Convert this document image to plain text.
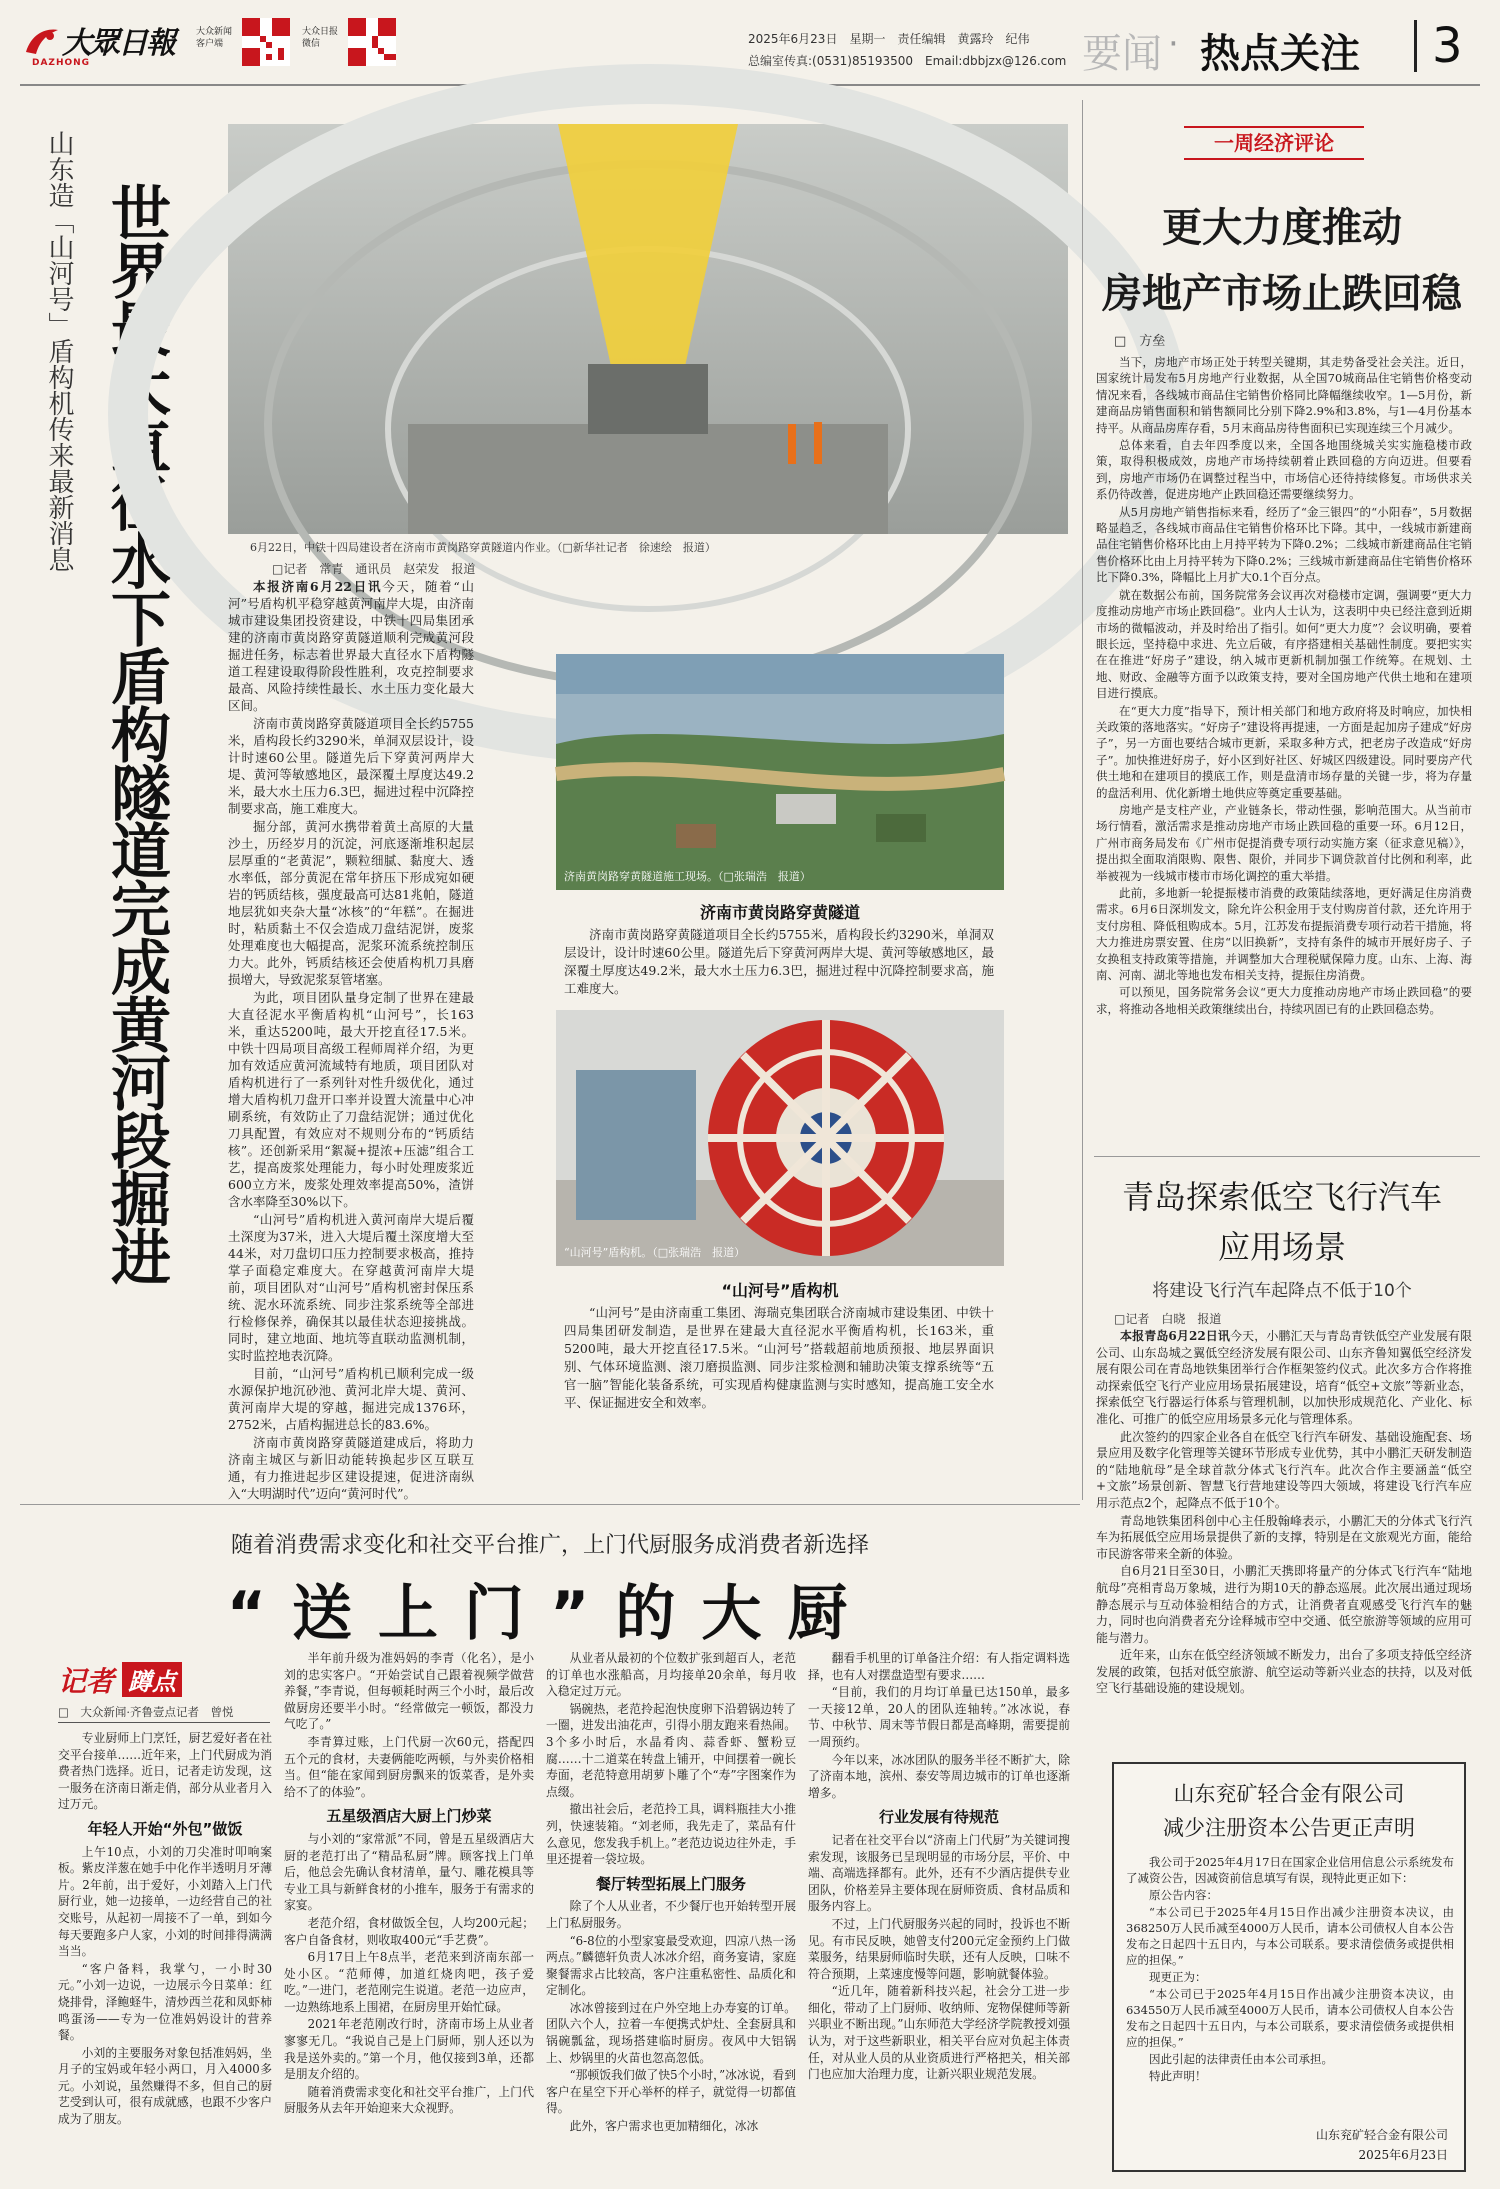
大眾日報
DAZHONG
大众新闻客户端
大众日报微信	2025年6月23日　星期一　责任编辑　黄露玲　纪伟
总编室传真:(0531)85193500　Email:dbbjzx@126.com 要闻 · 热点关注 3
山东造「山河号」盾构机传来最新消息 世界最大直径水下盾构隧道完成黄河段掘进	6月22日，中铁十四局建设者在济南市黄岗路穿黄隧道内作业。（□新华社记者　徐速绘　报道）
□记者　常青　通讯员　赵荣发　报道

本报济南6月22日讯今天，随着“山河”号盾构机平稳穿越黄河南岸大堤，由济南城市建设集团投资建设，中铁十四局集团承建的济南市黄岗路穿黄隧道顺利完成黄河段掘进任务，标志着世界最大直径水下盾构隧道工程建设取得阶段性胜利，攻克控制要求最高、风险持续性最长、水土压力变化最大区间。

济南市黄岗路穿黄隧道项目全长约5755米，盾构段长约3290米，单洞双层设计，设计时速60公里。隧道先后下穿黄河两岸大堤、黄河等敏感地区，最深覆土厚度达49.2米，最大水土压力6.3巴，掘进过程中沉降控制要求高，施工难度大。

掘分部，黄河水携带着黄土高原的大量沙土，历经岁月的沉淀，河底逐渐堆积起层层厚重的“老黄泥”，颗粒细腻、黏度大、透水率低，部分黄泥在常年挤压下形成宛如硬岩的钙质结核，强度最高可达81兆帕，隧道地层犹如夹杂大量“冰核”的“年糕”。在掘进时，粘质黏土不仅会造成刀盘结泥饼，废浆处理难度也大幅提高，泥浆环流系统控制压力大。此外，钙质结核还会使盾构机刀具磨损增大，导致泥浆泵管堵塞。

为此，项目团队量身定制了世界在建最大直径泥水平衡盾构机“山河号”，长163米，重达5200吨，最大开挖直径17.5米。中铁十四局项目高级工程师周祥介绍，为更加有效适应黄河流域特有地质，项目团队对盾构机进行了一系列针对性升级优化，通过增大盾构机刀盘开口率并设置大流量中心冲刷系统，有效防止了刀盘结泥饼；通过优化刀具配置，有效应对不规则分布的“钙质结核”。还创新采用“絮凝+提浓+压滤”组合工艺，提高废浆处理能力，每小时处理废浆近600立方米，废浆处理效率提高50%，渣饼含水率降至30%以下。

“山河号”盾构机进入黄河南岸大堤后覆土深度为37米，进入大堤后覆土深度增大至44米，对刀盘切口压力控制要求极高，推持掌子面稳定难度大。在穿越黄河南岸大堤前，项目团队对“山河号”盾构机密封保压系统、泥水环流系统、同步注浆系统等全部进行检修保养，确保其以最佳状态迎接挑战。同时，建立地面、地坑等直联动监测机制，实时监控地表沉降。

目前，“山河号”盾构机已顺利完成一级水源保护地沉砂池、黄河北岸大堤、黄河、黄河南岸大堤的穿越，掘进完成1376环，2752米，占盾构掘进总长的83.6%。

济南市黄岗路穿黄隧道建成后，将助力济南主城区与新旧动能转换起步区互联互通，有力推进起步区建设提速，促进济南纵入“大明湖时代”迈向“黄河时代”。

济南黄岗路穿黄隧道施工现场。（□张瑞浩　报道）
济南市黄岗路穿黄隧道
济南市黄岗路穿黄隧道项目全长约5755米，盾构段长约3290米，单洞双层设计，设计时速60公里。隧道先后下穿黄河两岸大堤、黄河等敏感地区，最深覆土厚度达49.2米，最大水土压力6.3巴，掘进过程中沉降控制要求高，施工难度大。
“山河号”盾构机。（□张瑞浩　报道）
“山河号”盾构机
“山河号”是由济南重工集团、海瑞克集团联合济南城市建设集团、中铁十四局集团研发制造，是世界在建最大直径泥水平衡盾构机，长163米，重5200吨，最大开挖直径17.5米。“山河号”搭载超前地质预报、地层界面识别、气体环境监测、滚刀磨损监测、同步注浆检测和辅助决策支撑系统等“五官一脑”智能化装备系统，可实现盾构健康监测与实时感知，提高施工安全水平、保证掘进安全和效率。
一周经济评论
更大力度推动
房地产市场止跌回稳
□　方垒

当下，房地产市场正处于转型关键期，其走势备受社会关注。近日，国家统计局发布5月房地产行业数据，从全国70城商品住宅销售价格变动情况来看，各线城市商品住宅销售价格同比降幅继续收窄。1—5月份，新建商品房销售面积和销售额同比分别下降2.9%和3.8%，与1—4月份基本持平。从商品房库存看，5月末商品房待售面积已实现连续三个月减少。

总体来看，自去年四季度以来，全国各地围绕城关实实施稳楼市政策，取得积极成效，房地产市场持续朝着止跌回稳的方向迈进。但要看到，房地产市场仍在调整过程当中，市场信心还待持续修复。市场供求关系仍待改善，促进房地产止跌回稳还需要继续努力。

从5月房地产销售指标来看，经历了“金三银四”的“小阳春”，5月数据略显趋乏，各线城市商品住宅销售价格环比下降。其中，一线城市新建商品住宅销售价格环比由上月持平转为下降0.2%；二线城市新建商品住宅销售价格环比由上月持平转为下降0.2%；三线城市新建商品住宅销售价格环比下降0.3%，降幅比上月扩大0.1个百分点。

就在数据公布前，国务院常务会议再次对稳楼市定调，强调要“更大力度推动房地产市场止跌回稳”。业内人士认为，这表明中央已经注意到近期市场的微幅波动，并及时给出了指引。如何“更大力度”？会议明确，要着眼长远，坚持稳中求进、先立后破，有序搭建相关基础性制度。要把实实在在推进“好房子”建设，纳入城市更新机制加强工作统筹。在规划、土地、财政、金融等方面予以政策支持，要对全国房地产代供土地和在建项目进行摸底。

在“更大力度”指导下，预计相关部门和地方政府将及时响应，加快相关政策的落地落实。“好房子”建设将再提速，一方面是起加房子建成“好房子”，另一方面也要结合城市更新，采取多种方式，把老房子改造成“好房子”。加快推进好房子，好小区到好社区、好城区四级建设。同时要房产代供土地和在建项目的摸底工作，则是盘清市场存量的关键一步，将为存量的盘活利用、优化新增土地供应等奠定重要基础。

房地产是支柱产业，产业链条长，带动性强，影响范围大。从当前市场行情看，激活需求是推动房地产市场止跌回稳的重要一环。6月12日，广州市商务局发布《广州市促提消费专项行动实施方案（征求意见稿）》，提出拟全面取消限购、限售、限价，并同步下调贷款首付比例和利率，此举被视为一线城市楼市市场化调控的重大举措。

此前，多地新一轮提振楼市消费的政策陆续落地，更好满足住房消费需求。6月6日深圳发文，除允许公积金用于支付购房首付款，还允许用于支付房租、降低租购成本。5月，江苏发布提振消费专项行动若干措施，将大力推进房票安置、住房“以旧换新”，支持有条件的城市开展好房子、子女换租支持政策等措施，并调整加大合理税赋保障力度。山东、上海、海南、河南、湖北等地也发布相关支持，提振住房消费。

可以预见，国务院常务会议“更大力度推动房地产市场止跌回稳”的要求，将推动各地相关政策继续出台，持续巩固已有的止跌回稳态势。

青岛探索低空飞行汽车
应用场景
将建设飞行汽车起降点不低于10个
□记者　白晓　报道

本报青岛6月22日讯今天，小鹏汇天与青岛青铁低空产业发展有限公司、山东岛城之翼低空经济发展有限公司、山东齐鲁知翼低空经济发展有限公司在青岛地铁集团举行合作框架签约仪式。此次多方合作将推动探索低空飞行产业应用场景拓展建设，培育“低空+文旅”等新业态，探索低空飞行器运行体系与管理机制，以加快形成规范化、产业化、标准化、可推广的低空应用场景多元化与管理体系。

此次签约的四家企业各自在低空飞行汽车研发、基础设施配套、场景应用及数字化管理等关键环节形成专业优势，其中小鹏汇天研发制造的“陆地航母”是全球首款分体式飞行汽车。此次合作主要涵盖“低空+文旅”场景创新、智慧飞行营地建设等四大领域，将建设飞行汽车应用示范点2个，起降点不低于10个。

青岛地铁集团科创中心主任殷翰峰表示，小鹏汇天的分体式飞行汽车为拓展低空应用场景提供了新的支撑，特别是在文旅观光方面，能给市民游客带来全新的体验。

自6月21日至30日，小鹏汇天携即将量产的分体式飞行汽车“陆地航母”亮相青岛万象城，进行为期10天的静态巡展。此次展出通过现场静态展示与互动体验相结合的方式，让消费者直观感受飞行汽车的魅力，同时也向消费者充分诠释城市空中交通、低空旅游等领域的应用可能与潜力。

近年来，山东在低空经济领域不断发力，出台了多项支持低空经济发展的政策，包括对低空旅游、航空运动等新兴业态的扶持，以及对低空飞行基础设施的建设规划。

山东兖矿轻合金有限公司
减少注册资本公告更正声明

我公司于2025年4月17日在国家企业信用信息公示系统发布了减资公告，因减资前信息填写有误，现特此更正如下：

原公告内容：

“本公司已于2025年4月15日作出减少注册资本决议，由368250万人民币减至4000万人民币，请本公司债权人自本公告发布之日起四十五日内，与本公司联系。要求清偿债务或提供相应的担保。”

现更正为：

“本公司已于2025年4月15日作出减少注册资本决议，由634550万人民币减至4000万人民币，请本公司债权人自本公告发布之日起四十五日内，与本公司联系，要求清偿债务或提供相应的担保。”

因此引起的法律责任由本公司承担。

特此声明！

山东兖矿轻合金有限公司
2025年6月23日
随着消费需求变化和社交平台推广，上门代厨服务成消费者新选择
“送上门”的大厨
记者 蹲点
□　大众新闻·齐鲁壹点记者　曾悦

专业厨师上门烹饪，厨艺爱好者在社交平台接单……近年来，上门代厨成为消费者热门选择。近日，记者走访发现，这一服务在济南日渐走俏，部分从业者月入过万元。

年轻人开始“外包”做饭

上午10点，小刘的刀尖准时叩响案板。紫皮洋葱在她手中化作半透明月牙薄片。2年前，出于爱好，小刘踏入上门代厨行业，她一边接单，一边经营自己的社交账号，从起初一周接不了一单，到如今每天要跑多户人家，小刘的时间排得满满当当。

“客户备料，我掌勺，一小时30元。”小刘一边说，一边展示今日菜单：红烧排骨，泽鲍蛏牛，清炒西兰花和凤虾柿鸣蛋汤——专为一位准妈妈设计的营养餐。

小刘的主要服务对象包括准妈妈，坐月子的宝妈或年轻小两口，月入4000多元。小刘说，虽然赚得不多，但自己的厨艺受到认可，很有成就感，也跟不少客户成为了朋友。

半年前升级为准妈妈的李青（化名），是小刘的忠实客户。“开始尝试自己跟着视频学做营养餐，”李青说，但每顿耗时两三个小时，最后改做厨房还要半小时。“经常做完一顿饭，都没力气吃了。”

李青算过账，上门代厨一次60元，搭配四五个元的食材，夫妻俩能吃两顿，与外卖价格相当。但“能在家闻到厨房飘来的饭菜香，是外卖给不了的体验”。

五星级酒店大厨上门炒菜

与小刘的“家常派”不同，曾是五星级酒店大厨的老范打出了“精品私厨”牌。顾客找上门单后，他总会先确认食材清单，量勺、雕花模具等专业工具与新鲜食材的小推车，服务于有需求的家宴。

老范介绍，食材做饭全包，人均200元起；客户自备食材，则收取400元“手艺费”。

6月17日上午8点半，老范来到济南东部一处小区。“范师傅，加道红烧肉吧，孩子爱吃。”一进门，老范刚完生说道。老范一边应声，一边熟练地系上围裙，在厨房里开始忙碌。

2021年老范刚改行时，济南市场上从业者寥寥无几。“我说自己是上门厨师，别人还以为我是送外卖的。”第一个月，他仅接到3单，还都是朋友介绍的。

随着消费需求变化和社交平台推广，上门代厨服务从去年开始迎来大众视野。

从业者从最初的个位数扩张到超百人，老范的订单也水涨船高，月均接单20余单，每月收入稳定过万元。

锅碗热，老范拎起泡快度卵下沿碧锅边转了一圈，进发出油花声，引得小朋友跑来看热闹。3个多小时后，水晶肴肉、蒜香虾、蟹粉豆腐……十二道菜在转盘上铺开，中间摆着一碗长寿面，老范特意用胡萝卜雕了个“寿”字图案作为点缀。

撤出社会后，老范拎工具，调料瓶挂大小推列，快速装箱。“刘老师，我先走了，菜品有什么意见，您发我手机上。”老范边说边往外走，手里还提着一袋垃圾。

餐厅转型拓展上门服务

除了个人从业者，不少餐厅也开始转型开展上门私厨服务。

“6-8位的小型家宴最受欢迎，四凉八热一汤两点。”麟德轩负责人冰冰介绍，商务宴请，家庭聚餐需求占比较高，客户注重私密性、品质化和定制化。

冰冰曾接到过在户外空地上办寿宴的订单。团队六个人，拉着一车便携式炉灶、全套厨具和锅碗瓢盆，现场搭建临时厨房。夜风中大铝锅上、炒锅里的火苗也忽高忽低。

“那顿饭我们做了快5个小时，”冰冰说，看到客户在星空下开心举杯的样子，就觉得一切都值得。

此外，客户需求也更加精细化，冰冰

翻看手机里的订单备注介绍：有人指定调料选择，也有人对摆盘造型有要求……

“目前，我们的月均订单量已达150单，最多一天接12单，20人的团队连轴转。”冰冰说，春节、中秋节、周末等节假日都是高峰期，需要提前一周预约。

今年以来，冰冰团队的服务半径不断扩大，除了济南本地，滨州、泰安等周边城市的订单也逐渐增多。

行业发展有待规范

记者在社交平台以“济南上门代厨”为关键词搜索发现，该服务已呈现明显的市场分层，平价、中端、高端选择都有。此外，还有不少酒店提供专业团队，价格差异主要体现在厨师资质、食材品质和服务内容上。

不过，上门代厨服务兴起的同时，投诉也不断见。有市民反映，她曾支付200元定金预约上门做菜服务，结果厨师临时失联，还有人反映，口味不符合预期，上菜速度慢等问题，影响就餐体验。

“近几年，随着新科技兴起，社会分工进一步细化，带动了上门厨师、收纳师、宠物保健师等新兴职业不断出现。”山东师范大学经济学院教授刘强认为，对于这些新职业，相关平台应对负起主体责任，对从业人员的从业资质进行严格把关，相关部门也应加大治理力度，让新兴职业规范发展。
